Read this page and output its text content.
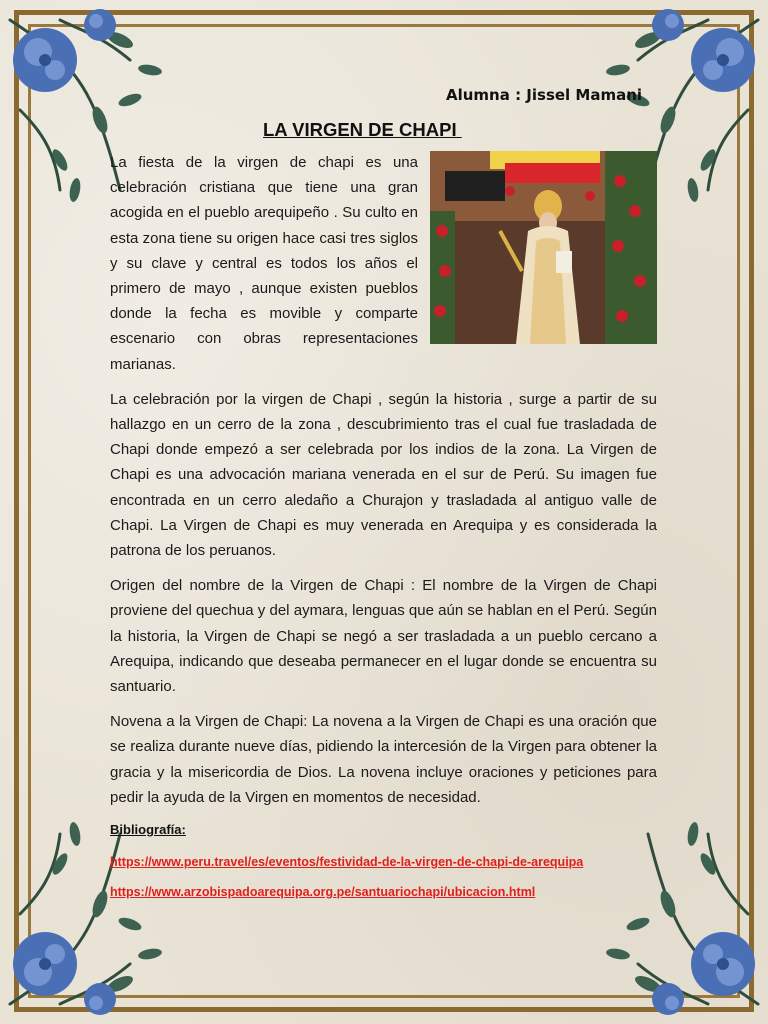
Alumna : Jissel Mamani
LA VIRGEN DE CHAPI

La fiesta de la virgen de chapi es una celebración cristiana que tiene una gran acogida en el pueblo arequipeño . Su culto en esta zona tiene su origen hace casi tres siglos y su clave y central es todos los años el primero de mayo , aunque existen pueblos donde la fecha es movible y comparte escenario con obras representaciones marianas.

La celebración por la virgen de Chapi , según la historia , surge a partir de su hallazgo en un cerro de la zona , descubrimiento tras el cual fue trasladada de Chapi donde empezó a ser celebrada por los indios de la zona. La Virgen de Chapi es una advocación mariana venerada en el sur de Perú. Su imagen fue encontrada en un cerro aledaño a Churajon y trasladada al antiguo valle de Chapi. La Virgen de Chapi es muy venerada en Arequipa y es considerada la patrona de los peruanos.

Origen del nombre de la Virgen de Chapi : El nombre de la Virgen de Chapi proviene del quechua y del aymara, lenguas que aún se hablan en el Perú. Según la historia, la Virgen de Chapi se negó a ser trasladada a un pueblo cercano a Arequipa, indicando que deseaba permanecer en el lugar donde se encuentra su santuario.

Novena a la Virgen de Chapi: La novena a la Virgen de Chapi es una oración que se realiza durante nueve días, pidiendo la intercesión de la Virgen para obtener la gracia y la misericordia de Dios. La novena incluye oraciones y peticiones para pedir la ayuda de la Virgen en momentos de necesidad.

Bibliografía:
https://www.peru.travel/es/eventos/festividad-de-la-virgen-de-chapi-de-arequipa
https://www.arzobispadoarequipa.org.pe/santuariochapi/ubicacion.html
